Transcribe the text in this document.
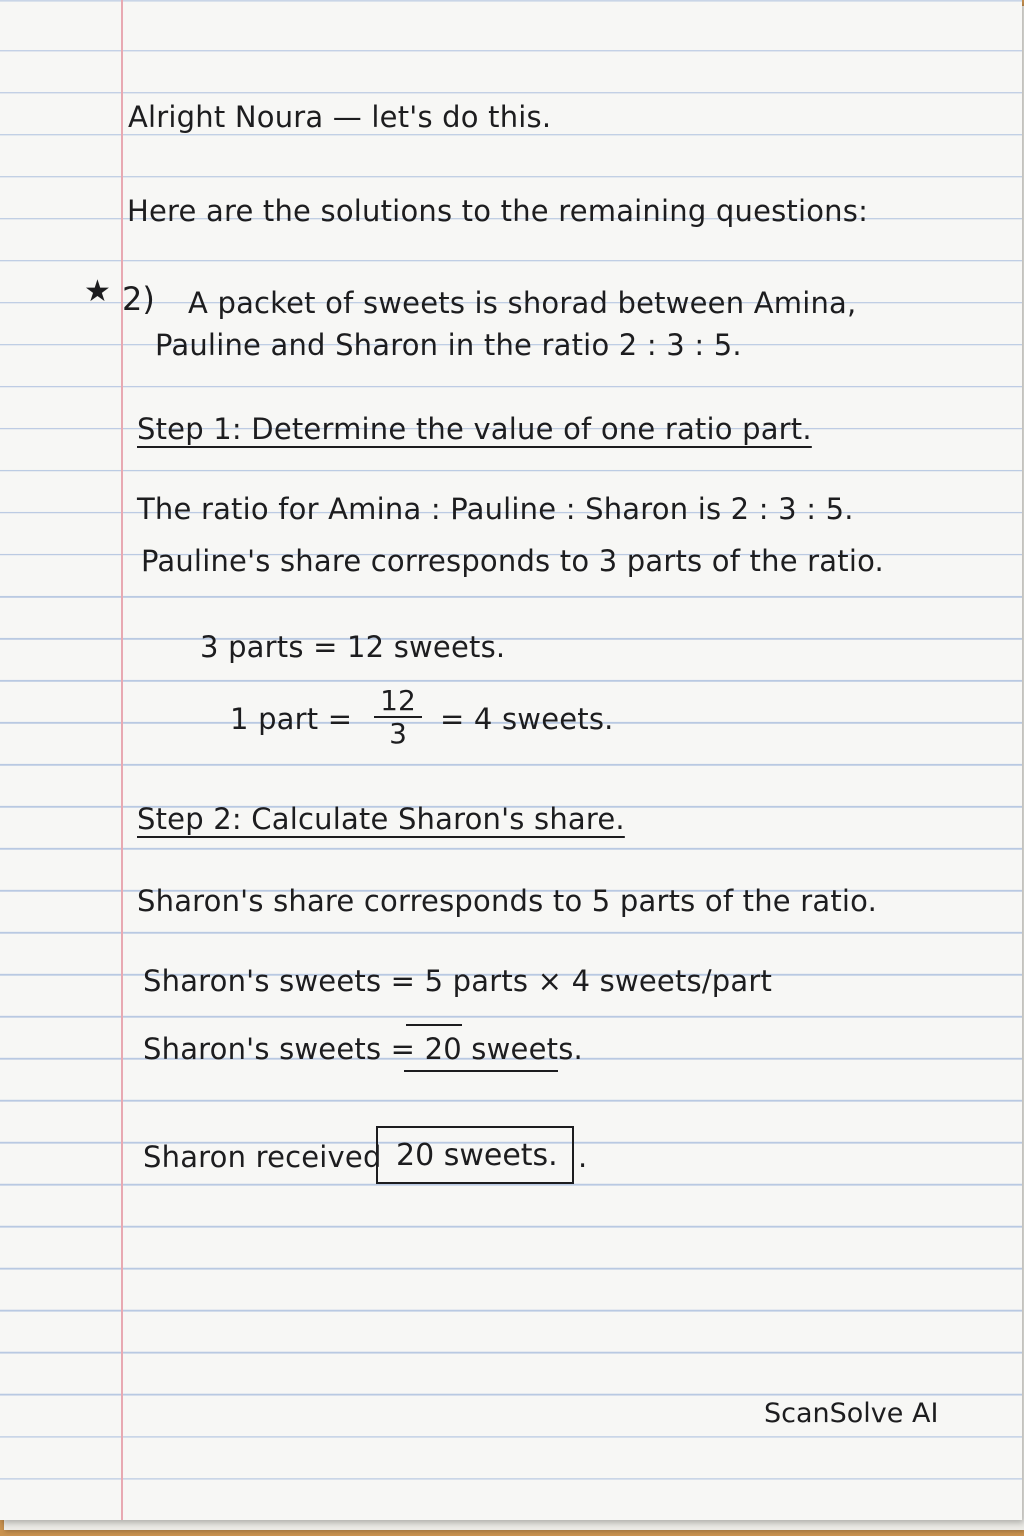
Alright Noura — let's do this.
Here are the solutions to the remaining questions:
★ 2) A packet of sweets is shorad between Amina,
Pauline and Sharon in the ratio 2 : 3 : 5.
Step 1: Determine the value of one ratio part.
The ratio for Amina : Pauline : Sharon is 2 : 3 : 5.
Pauline's share corresponds to 3 parts of the ratio.
3 parts = 12 sweets.
1 part = $\frac{12}{3} = 4$ sweets.
Step 2: Calculate Sharon's share.
Sharon's share corresponds to 5 parts of the ratio.
Sharon's sweets = 5 parts × 4 sweets/part
Sharon's sweets = 20 sweets.
Sharon received 20 sweets. .
ScanSolve AI
